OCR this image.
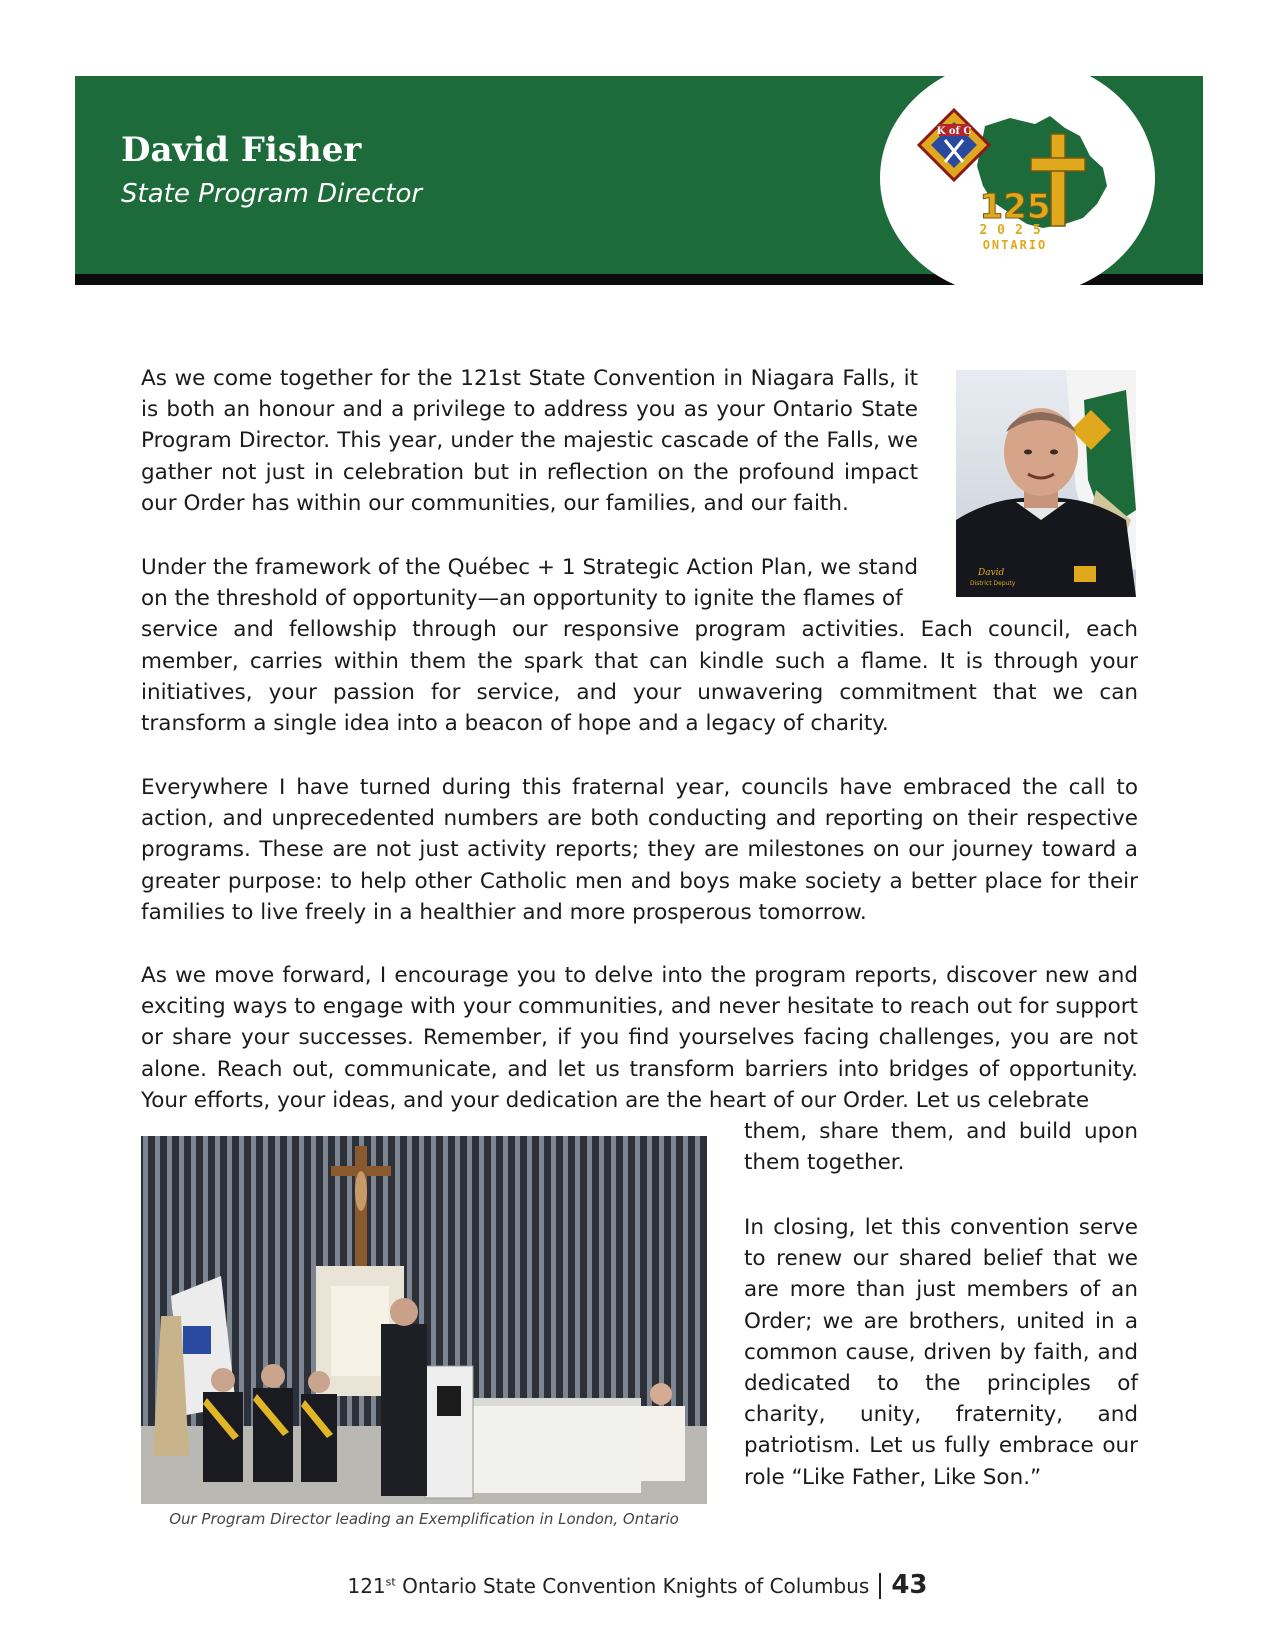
David Fisher
State Program Director
K of C
125
2025
ONTARIO
David
District Deputy

As we come together for the 121st State Convention in Niagara Falls, it is both an honour and a privilege to address you as your Ontario State Program Director. This year, under the majestic cascade of the Falls, we gather not just in celebration but in reflection on the profound impact our Order has within our communities, our families, and our faith.

Under the framework of the Québec + 1 Strategic Action Plan, we stand on the threshold of opportunity—an opportunity to ignite the flames of
service and fellowship through our responsive program activities. Each council, each member, carries within them the spark that can kindle such a flame. It is through your initiatives, your passion for service, and your unwavering commitment that we can transform a single idea into a beacon of hope and a legacy of charity.

Everywhere I have turned during this fraternal year, councils have embraced the call to action, and unprecedented numbers are both conducting and reporting on their respective programs. These are not just activity reports; they are milestones on our journey toward a greater purpose: to help other Catholic men and boys make society a better place for their families to live freely in a healthier and more prosperous tomorrow.

As we move forward, I encourage you to delve into the program reports, discover new and exciting ways to engage with your communities, and never hesitate to reach out for support or share your successes. Remember, if you find yourselves facing challenges, you are not alone. Reach out, communicate, and let us transform barriers into bridges of opportunity. Your efforts, your ideas, and your dedication are the heart of our Order. Let us celebrate
them, share them, and build upon them together.

In closing, let this convention serve to renew our shared belief that we are more than just members of an Order; we are brothers, united in a common cause, driven by faith, and dedicated to the principles of charity, unity, fraternity, and patriotism. Let us fully embrace our role “Like Father, Like Son.”

Our Program Director leading an Exemplification in London, Ontario
121st Ontario State Convention Knights of Columbus 43
